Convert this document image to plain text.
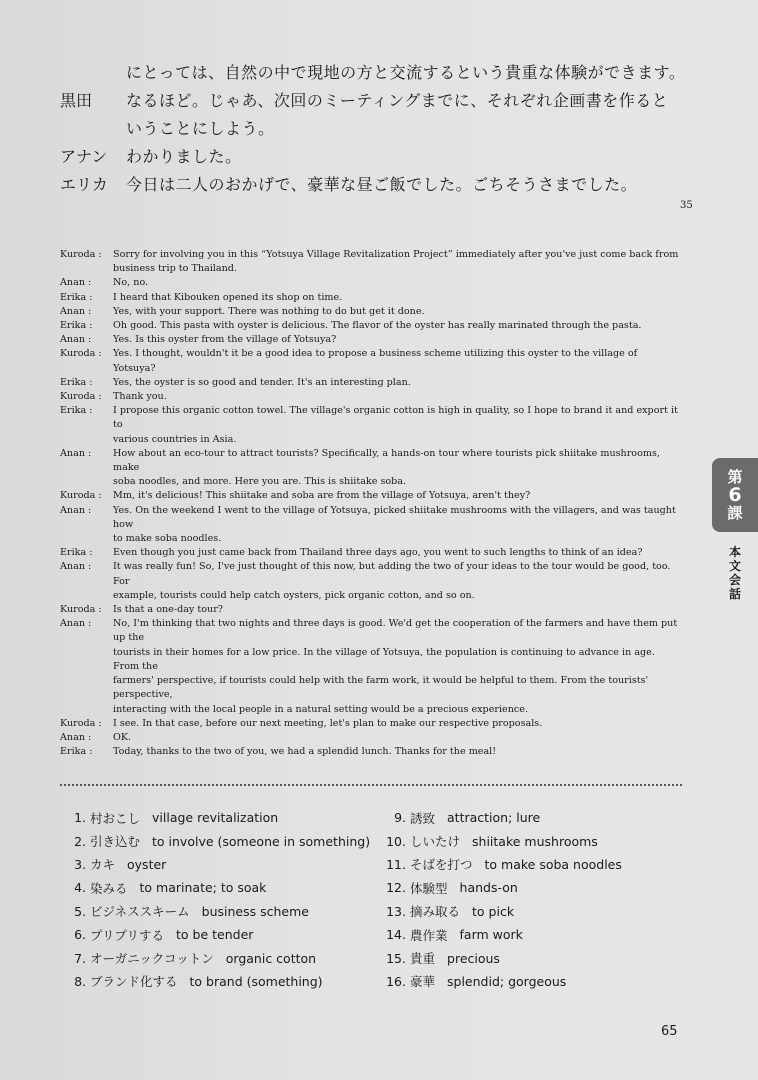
にとっては、自然の中で現地の方と交流するという貴重な体験ができます。
黒田 なるほど。じゃあ、次回のミーティングまでに、それぞれ企画書を作ると
いうことにしよう。
アナン わかりました。
エリカ 今日は二人のおかげで、豪華な昼ご飯でした。ごちそうさまでした。
35
Kuroda :	Sorry for involving you in this “Yotsuya Village Revitalization Project” immediately after you've just come back from
business trip to Thailand.
Anan :	No, no.
Erika :	I heard that Kibouken opened its shop on time.
Anan :	Yes, with your support. There was nothing to do but get it done.
Erika :	Oh good. This pasta with oyster is delicious. The flavor of the oyster has really marinated through the pasta.
Anan :	Yes. Is this oyster from the village of Yotsuya?
Kuroda :	Yes. I thought, wouldn't it be a good idea to propose a business scheme utilizing this oyster to the village of Yotsuya?
Erika :	Yes, the oyster is so good and tender. It's an interesting plan.
Kuroda :	Thank you.
Erika :	I propose this organic cotton towel. The village's organic cotton is high in quality, so I hope to brand it and export it to
various countries in Asia.
Anan :	How about an eco-tour to attract tourists? Specifically, a hands-on tour where tourists pick shiitake mushrooms, make
soba noodles, and more. Here you are. This is shiitake soba.
Kuroda :	Mm, it's delicious! This shiitake and soba are from the village of Yotsuya, aren't they?
Anan :	Yes. On the weekend I went to the village of Yotsuya, picked shiitake mushrooms with the villagers, and was taught how
to make soba noodles.
Erika :	Even though you just came back from Thailand three days ago, you went to such lengths to think of an idea?
Anan :	It was really fun! So, I've just thought of this now, but adding the two of your ideas to the tour would be good, too. For
example, tourists could help catch oysters, pick organic cotton, and so on.
Kuroda :	Is that a one-day tour?
Anan :	No, I'm thinking that two nights and three days is good. We'd get the cooperation of the farmers and have them put up the
tourists in their homes for a low price. In the village of Yotsuya, the population is continuing to advance in age. From the
farmers' perspective, if tourists could help with the farm work, it would be helpful to them. From the tourists' perspective,
interacting with the local people in a natural setting would be a precious experience.
Kuroda :	I see. In that case, before our next meeting, let's plan to make our respective proposals.
Anan :	OK.
Erika :	Today, thanks to the two of you, we had a splendid lunch. Thanks for the meal!
第
6
課
本文会話
1. 村おこし village revitalization
2. 引き込む to involve (someone in something)
3. カキ oyster
4. 染みる to marinate; to soak
5. ビジネススキーム business scheme
6. プリプリする to be tender
7. オーガニックコットン organic cotton
8. ブランド化する to brand (something)
9. 誘致 attraction; lure
10. しいたけ shiitake mushrooms
11. そばを打つ to make soba noodles
12. 体験型 hands-on
13. 摘み取る to pick
14. 農作業 farm work
15. 貴重 precious
16. 豪華 splendid; gorgeous
65
